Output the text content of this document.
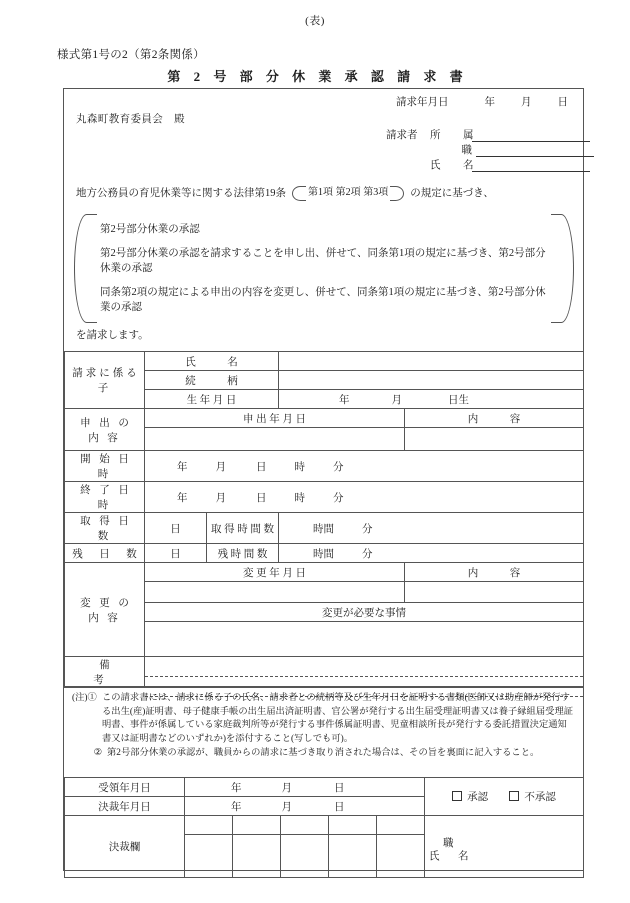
(表)
様式第1号の2（第2条関係）
第 2 号 部 分 休 業 承 認 請 求 書
請求年月日	年 月 日
丸森町教育委員会　殿
請求者	所　属
職
氏　名
地方公務員の育児休業等に関する法律第19条	第1項 第2項 第3項	の規定に基づき、
第2号部分休業の承認
第2号部分休業の承認を請求することを申し出、併せて、同条第1項の規定に基づき、第2号部分休業の承認
同条第2項の規定による申出の内容を変更し、併せて、同条第1項の規定に基づき、第2号部分休業の承認
を請求します。
請求に係る子	氏　　　名			
	続　　　柄			
	生 年 月 日		年 月 日生	
申 出 の 内 容	申 出 年 月 日			内　　　容

開 始 日 時	年 月 日 時 分			
終 了 日 時	年 月 日 時 分			
取 得 日 数	日	取 得 時 間 数	時間 分	
残　日　数	日	残 時 間 数	時間 分	
変 更 の 内 容	変 更 年 月 日			内　　　容

	変更が必要な事情			

備　　　　考				
(注)① この請求書には、請求に係る子の氏名、請求者との続柄等及び生年月日を証明する書類(医師又は助産師が発行する出生(産)証明書、母子健康手帳の出生届出済証明書、官公署が発行する出生届受理証明書又は養子縁組届受理証明書、事件が係属している家庭裁判所等が発行する事件係属証明書、児童相談所長が発行する委託措置決定通知書又は証明書などのいずれか)を添付すること(写しでも可)。
② 第2号部分休業の承認が、職員からの請求に基づき取り消された場合は、その旨を裏面に記入すること。
受領年月日	年 月 日					承認 不承認
決裁年月日	年 月 日					
決裁欄						職
氏　名
